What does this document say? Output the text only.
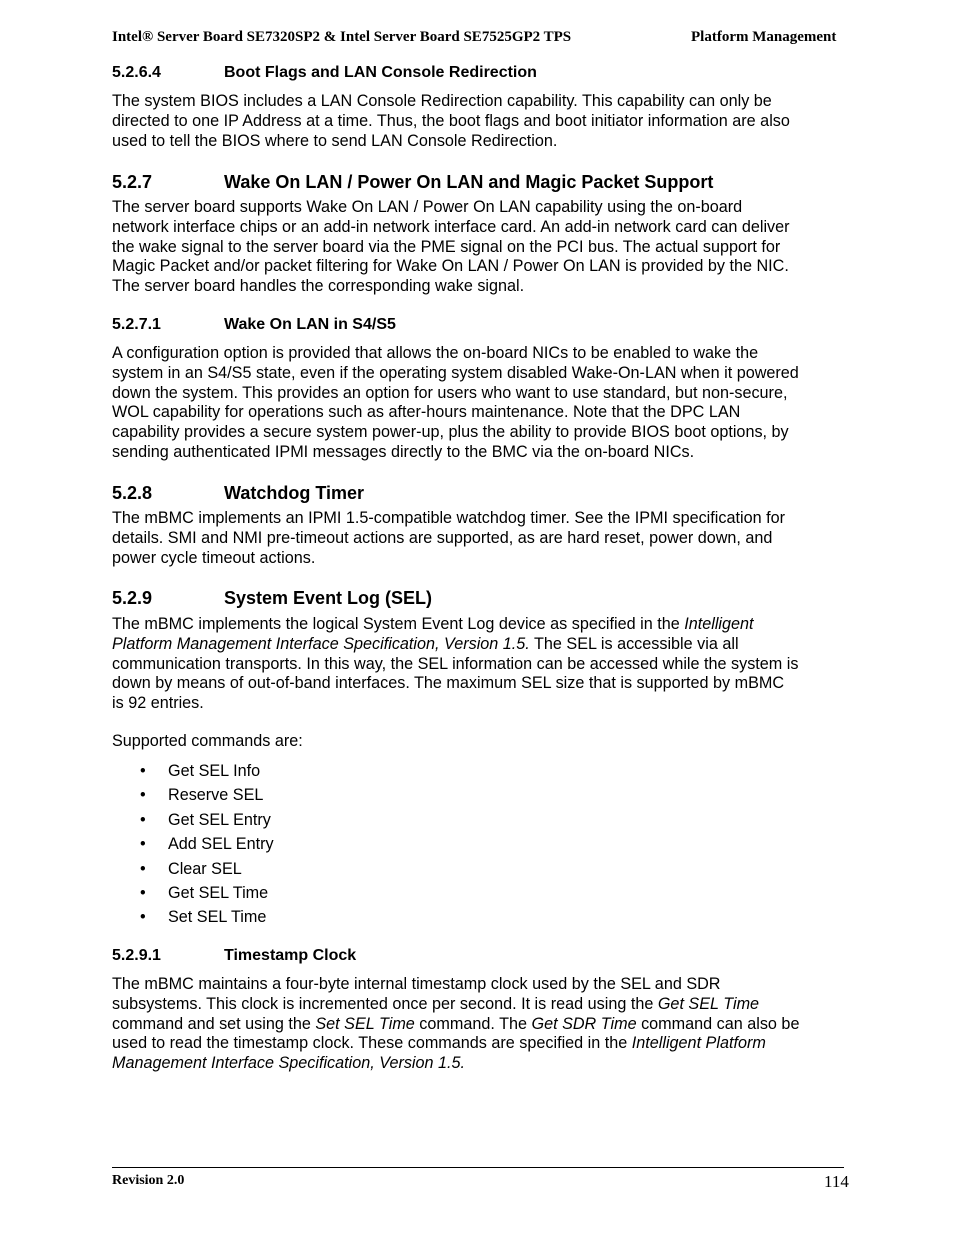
Intel® Server Board SE7320SP2 & Intel Server Board SE7525GP2 TPS	Platform Management
5.2.6.4	Boot Flags and LAN Console Redirection
The system BIOS includes a LAN Console Redirection capability. This capability can only be
directed to one IP Address at a time. Thus, the boot flags and boot initiator information are also
used to tell the BIOS where to send LAN Console Redirection.
5.2.7	Wake On LAN / Power On LAN and Magic Packet Support
The server board supports Wake On LAN / Power On LAN capability using the on-board
network interface chips or an add-in network interface card. An add-in network card can deliver
the wake signal to the server board via the PME signal on the PCI bus. The actual support for
Magic Packet and/or packet filtering for Wake On LAN / Power On LAN is provided by the NIC.
The server board handles the corresponding wake signal.
5.2.7.1	Wake On LAN in S4/S5
A configuration option is provided that allows the on-board NICs to be enabled to wake the
system in an S4/S5 state, even if the operating system disabled Wake-On-LAN when it powered
down the system. This provides an option for users who want to use standard, but non-secure,
WOL capability for operations such as after-hours maintenance. Note that the DPC LAN
capability provides a secure system power-up, plus the ability to provide BIOS boot options, by
sending authenticated IPMI messages directly to the BMC via the on-board NICs.
5.2.8	Watchdog Timer
The mBMC implements an IPMI 1.5-compatible watchdog timer. See the IPMI specification for
details. SMI and NMI pre-timeout actions are supported, as are hard reset, power down, and
power cycle timeout actions.
5.2.9	System Event Log (SEL)
The mBMC implements the logical System Event Log device as specified in the Intelligent
Platform Management Interface Specification, Version 1.5. The SEL is accessible via all
communication transports. In this way, the SEL information can be accessed while the system is
down by means of out-of-band interfaces. The maximum SEL size that is supported by mBMC
is 92 entries.
Supported commands are:
•	Get SEL Info
•	Reserve SEL
•	Get SEL Entry
•	Add SEL Entry
•	Clear SEL
•	Get SEL Time
•	Set SEL Time
5.2.9.1	Timestamp Clock
The mBMC maintains a four-byte internal timestamp clock used by the SEL and SDR
subsystems. This clock is incremented once per second. It is read using the Get SEL Time
command and set using the Set SEL Time command. The Get SDR Time command can also be
used to read the timestamp clock. These commands are specified in the Intelligent Platform
Management Interface Specification, Version 1.5.
Revision 2.0	114
